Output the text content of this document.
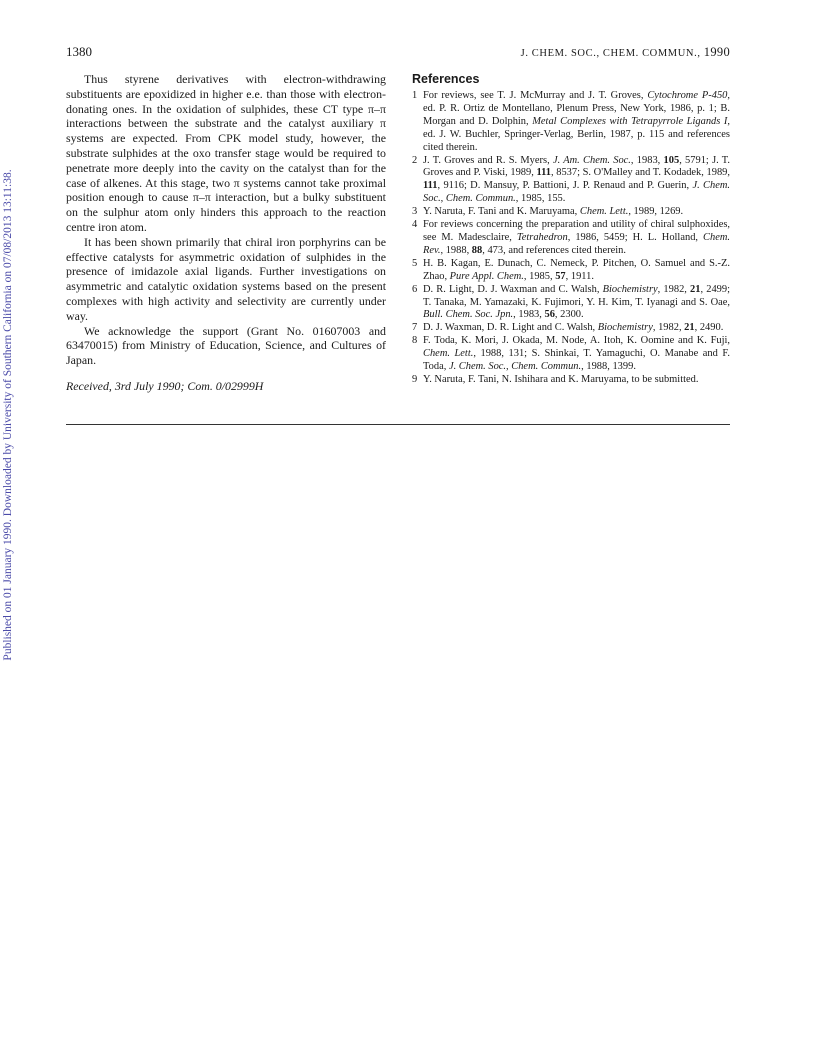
1380	J. CHEM. SOC., CHEM. COMMUN., 1990
Published on 01 January 1990. Downloaded by University of Southern California on 07/08/2013 13:11:38.

Thus styrene derivatives with electron-withdrawing substituents are epoxidized in higher e.e. than those with electron-donating ones. In the oxidation of sulphides, these CT type π–π interactions between the substrate and the catalyst auxiliary π systems are expected. From CPK model study, however, the substrate sulphides at the oxo transfer stage would be required to penetrate more deeply into the cavity on the catalyst than for the case of alkenes. At this stage, two π systems cannot take proximal position enough to cause π–π interaction, but a bulky substituent on the sulphur atom only hinders this approach to the reaction centre iron atom.

It has been shown primarily that chiral iron porphyrins can be effective catalysts for asymmetric oxidation of sulphides in the presence of imidazole axial ligands. Further investigations on asymmetric and catalytic oxidation systems based on the present complexes with high activity and selectivity are currently under way.

We acknowledge the support (Grant No. 01607003 and 63470015) from Ministry of Education, Science, and Cultures of Japan.

Received, 3rd July 1990; Com. 0/02999H

References
1 For reviews, see T. J. McMurray and J. T. Groves, Cytochrome P-450, ed. P. R. Ortiz de Montellano, Plenum Press, New York, 1986, p. 1; B. Morgan and D. Dolphin, Metal Complexes with Tetrapyrrole Ligands I, ed. J. W. Buchler, Springer-Verlag, Berlin, 1987, p. 115 and references cited therein.
2 J. T. Groves and R. S. Myers, J. Am. Chem. Soc., 1983, 105, 5791; J. T. Groves and P. Viski, 1989, 111, 8537; S. O'Malley and T. Kodadek, 1989, 111, 9116; D. Mansuy, P. Battioni, J. P. Renaud and P. Guerin, J. Chem. Soc., Chem. Commun., 1985, 155.
3 Y. Naruta, F. Tani and K. Maruyama, Chem. Lett., 1989, 1269.
4 For reviews concerning the preparation and utility of chiral sulphoxides, see M. Madesclaire, Tetrahedron, 1986, 5459; H. L. Holland, Chem. Rev., 1988, 88, 473, and references cited therein.
5 H. B. Kagan, E. Dunach, C. Nemeck, P. Pitchen, O. Samuel and S.-Z. Zhao, Pure Appl. Chem., 1985, 57, 1911.
6 D. R. Light, D. J. Waxman and C. Walsh, Biochemistry, 1982, 21, 2499; T. Tanaka, M. Yamazaki, K. Fujimori, Y. H. Kim, T. Iyanagi and S. Oae, Bull. Chem. Soc. Jpn., 1983, 56, 2300.
7 D. J. Waxman, D. R. Light and C. Walsh, Biochemistry, 1982, 21, 2490.
8 F. Toda, K. Mori, J. Okada, M. Node, A. Itoh, K. Oomine and K. Fuji, Chem. Lett., 1988, 131; S. Shinkai, T. Yamaguchi, O. Manabe and F. Toda, J. Chem. Soc., Chem. Commun., 1988, 1399.
9 Y. Naruta, F. Tani, N. Ishihara and K. Maruyama, to be submitted.
